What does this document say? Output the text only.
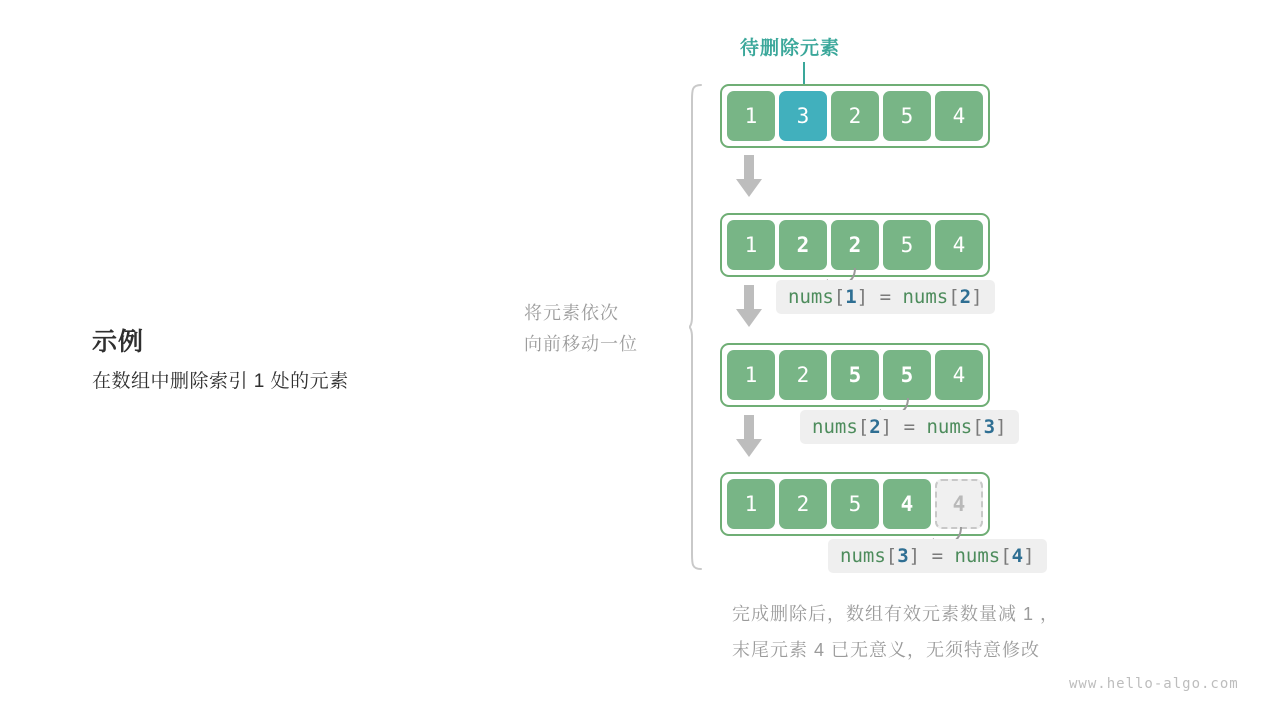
示例
在数组中删除索引 1 处的元素
将元素依次
向前移动一位
待删除元素
1	3	2	5	4
1	2	2	5	4
nums[1] = nums[2]
1	2	5	5	4
nums[2] = nums[3]
1	2	5	4	4
nums[3] = nums[4]
完成删除后，数组有效元素数量减 1 ，
末尾元素 4 已无意义，无须特意修改
www.hello-algo.com
